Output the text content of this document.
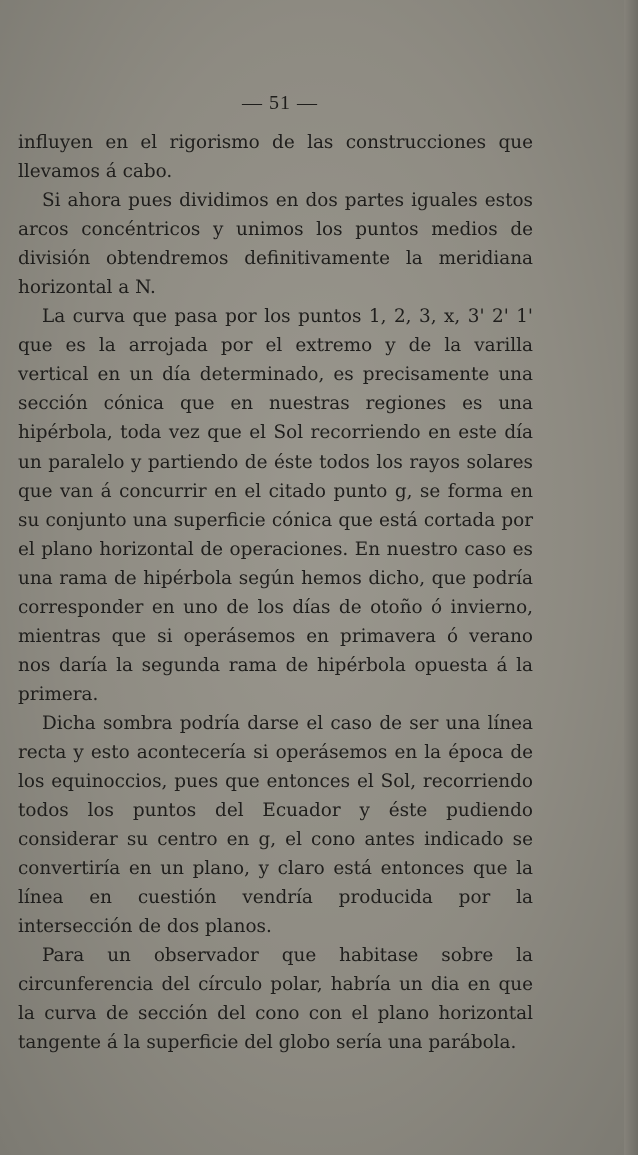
— 51 —

influyen en el rigorismo de las construcciones que llevamos á cabo.

Si ahora pues dividimos en dos partes iguales estos arcos concéntricos y unimos los puntos medios de división obtendremos definitivamente la meridiana horizontal a N.

La curva que pasa por los puntos 1, 2, 3, x, 3' 2' 1' que es la arrojada por el extremo y de la varilla vertical en un día determinado, es precisamente una sección cónica que en nuestras regiones es una hipérbola, toda vez que el Sol recorriendo en este día un paralelo y partiendo de éste todos los rayos solares que van á concurrir en el citado punto g, se forma en su conjunto una superficie cónica que está cortada por el plano horizontal de operaciones. En nuestro caso es una rama de hipérbola según hemos dicho, que podría corresponder en uno de los días de otoño ó invierno, mientras que si operásemos en primavera ó verano nos daría la segunda rama de hipérbola opuesta á la primera.

Dicha sombra podría darse el caso de ser una línea recta y esto acontecería si operásemos en la época de los equinoccios, pues que entonces el Sol, recorriendo todos los puntos del Ecuador y éste pudiendo considerar su centro en g, el cono antes indicado se convertiría en un plano, y claro está entonces que la línea en cuestión vendría producida por la intersección de dos planos.

Para un observador que habitase sobre la circunferencia del círculo polar, habría un dia en que la curva de sección del cono con el plano horizontal tangente á la superficie del globo sería una parábola.
